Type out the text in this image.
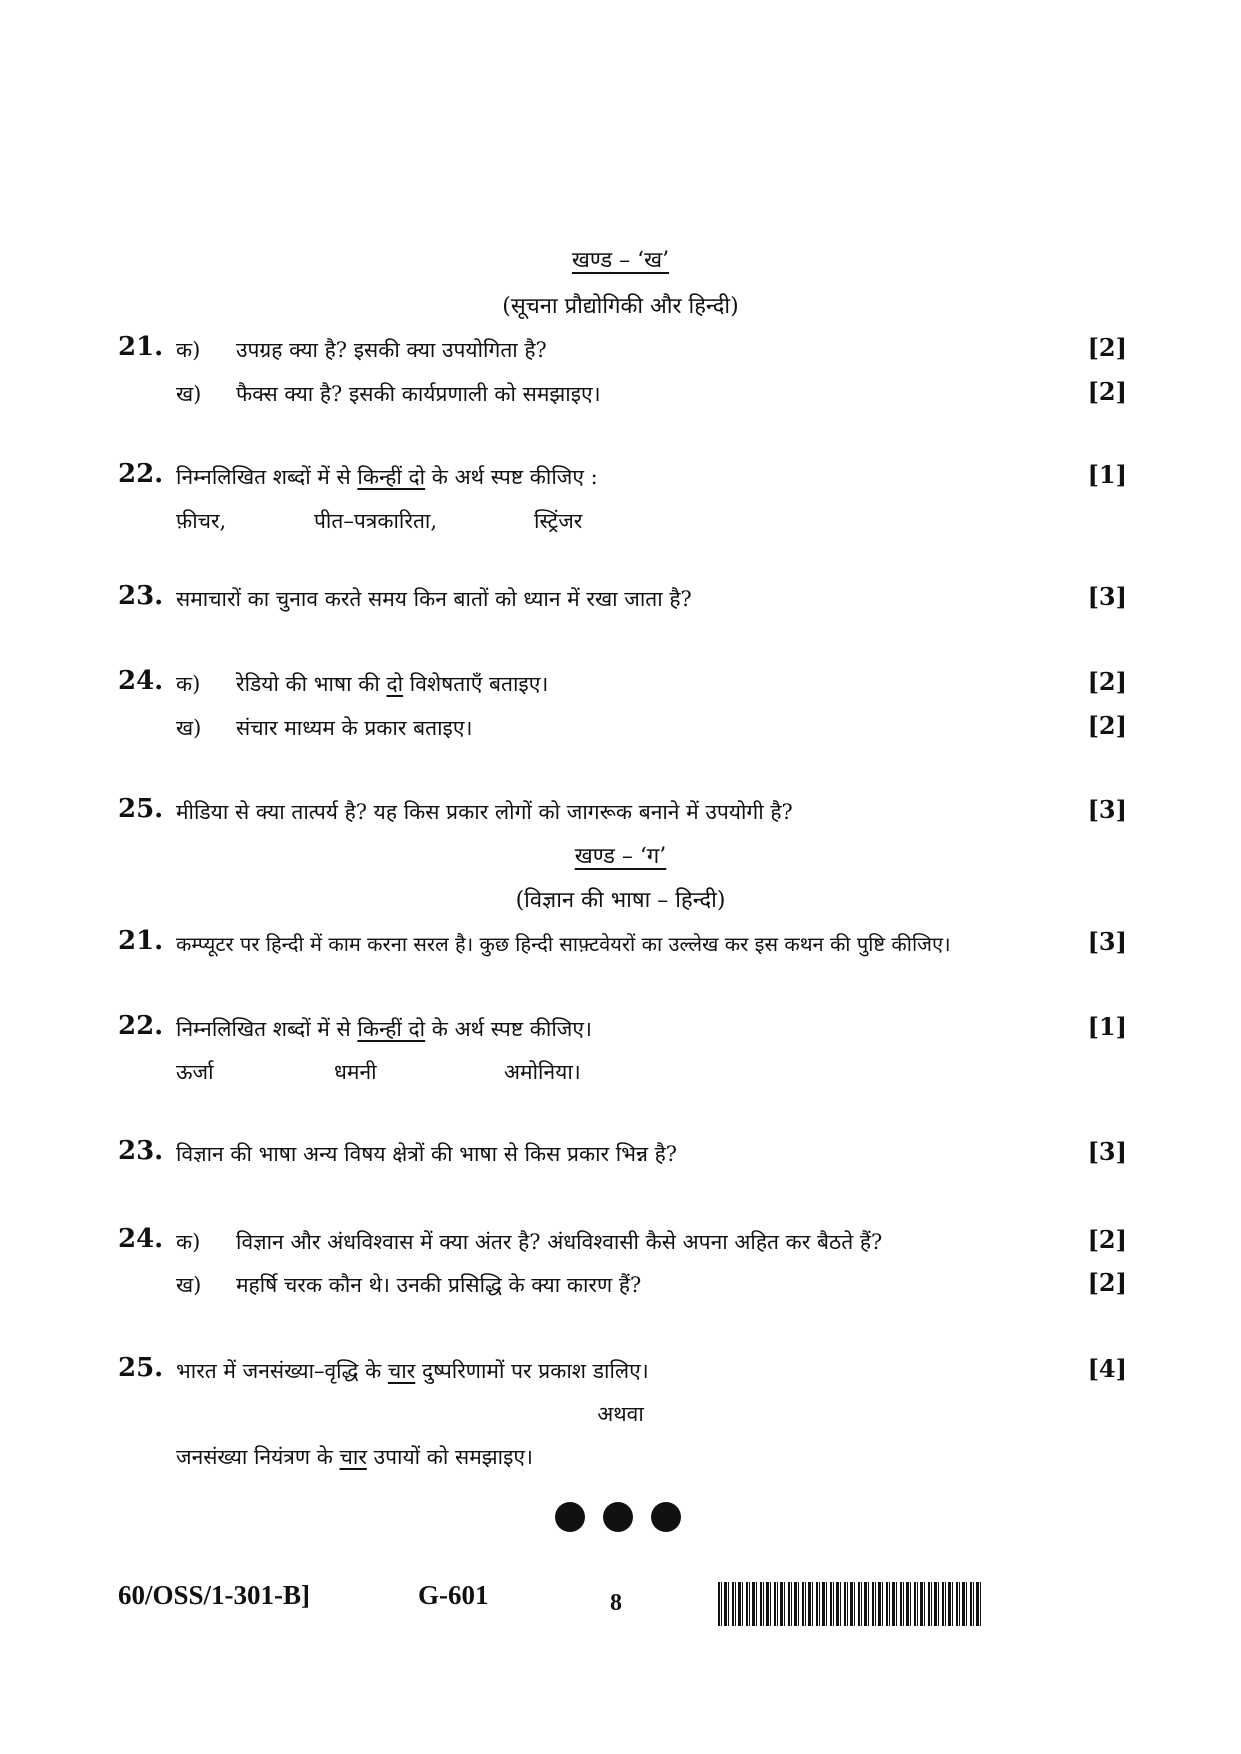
खण्ड – ‘ख’
(सूचना प्रौद्योगिकी और हिन्दी)
21. क) उपग्रह क्या है? इसकी क्या उपयोगिता है?	[2]
ख) फैक्स क्या है? इसकी कार्यप्रणाली को समझाइए।	[2]
22. निम्नलिखित शब्दों में से किन्हीं दो के अर्थ स्पष्ट कीजिए :	[1]
फ़ीचर,	पीत–पत्रकारिता,	स्ट्रिंजर
23. समाचारों का चुनाव करते समय किन बातों को ध्यान में रखा जाता है?	[3]
24. क) रेडियो की भाषा की दो विशेषताएँ बताइए।	[2]
ख) संचार माध्यम के प्रकार बताइए।	[2]
25. मीडिया से क्या तात्पर्य है? यह किस प्रकार लोगों को जागरूक बनाने में उपयोगी है?	[3]
खण्ड – ‘ग’
(विज्ञान की भाषा – हिन्दी)
21. कम्प्यूटर पर हिन्दी में काम करना सरल है। कुछ हिन्दी साफ़्टवेयरों का उल्लेख कर इस कथन की पुष्टि कीजिए।	[3]
22. निम्नलिखित शब्दों में से किन्हीं दो के अर्थ स्पष्ट कीजिए।	[1]
ऊर्जा	धमनी	अमोनिया।
23. विज्ञान की भाषा अन्य विषय क्षेत्रों की भाषा से किस प्रकार भिन्न है?	[3]
24. क) विज्ञान और अंधविश्वास में क्या अंतर है? अंधविश्वासी कैसे अपना अहित कर बैठते हैं?	[2]
ख) महर्षि चरक कौन थे। उनकी प्रसिद्धि के क्या कारण हैं?	[2]
25. भारत में जनसंख्या–वृद्धि के चार दुष्परिणामों पर प्रकाश डालिए।	[4]
अथवा
जनसंख्या नियंत्रण के चार उपायों को समझाइए।
60/OSS/1-301-B]	G-601	8
